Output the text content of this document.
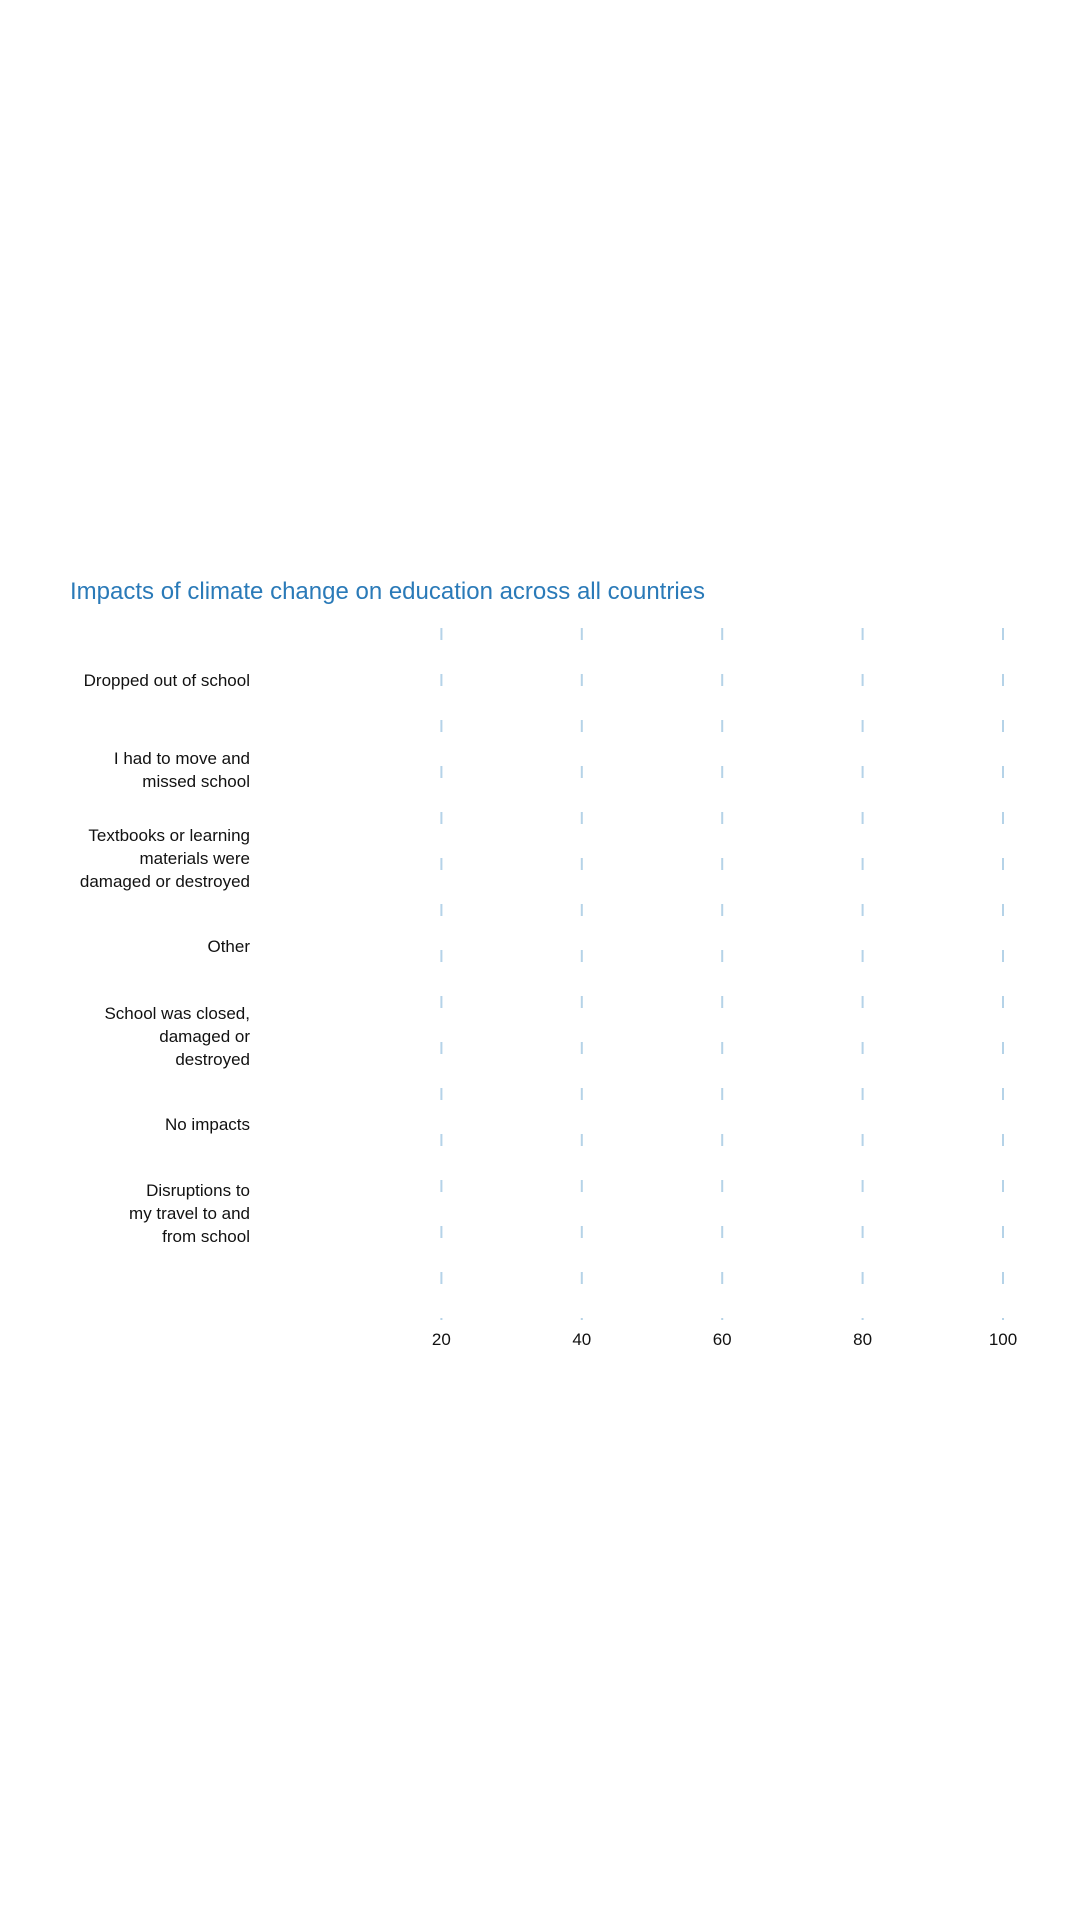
Impacts of climate change on education across all countries
Dropped out of school
I had to move and
missed school
Textbooks or learning
materials were
damaged or destroyed
Other
School was closed,
damaged or
destroyed
No impacts
Disruptions to
my travel to and
from school
20	40	60	80	100
